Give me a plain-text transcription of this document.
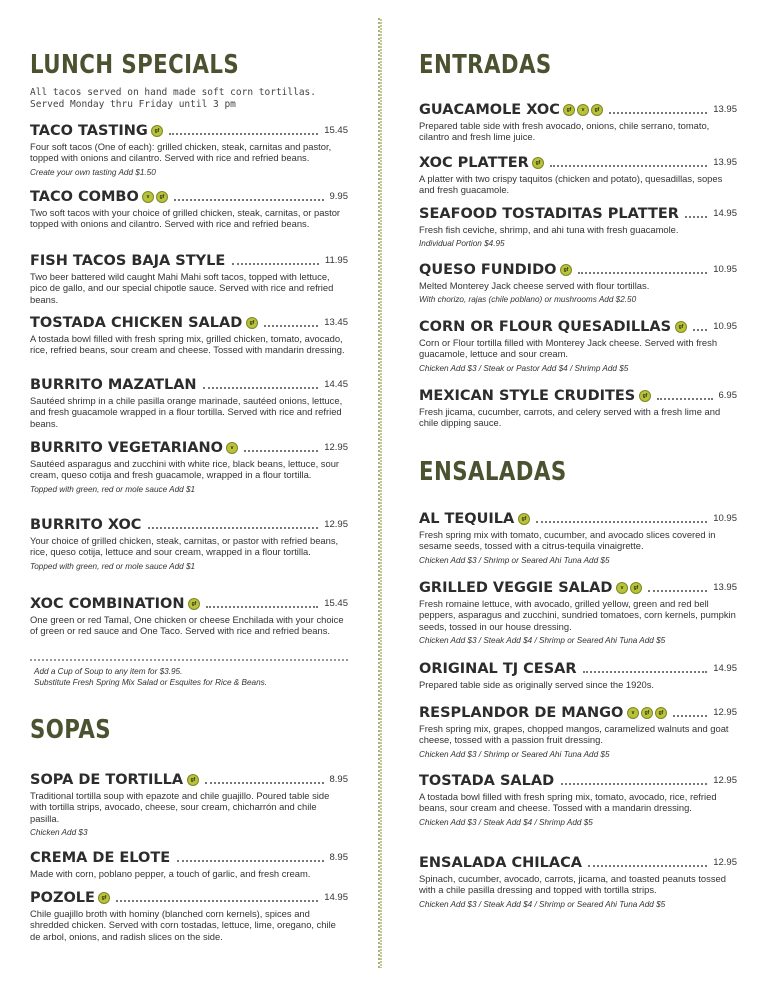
LUNCH SPECIALS

All tacos served on hand made soft corn tortillas.
Served Monday thru Friday until 3 pm

TACO TASTING	gf	15.45

Four soft tacos (One of each): grilled chicken, steak, carnitas and pastor, topped with onions and cilantro. Served with rice and refried beans.

Create your own tasting Add $1.50

TACO COMBO	v	gf	9.95

Two soft tacos with your choice of grilled chicken, steak, carnitas, or pastor topped with onions and cilantro. Served with rice and refried beans.

FISH TACOS BAJA STYLE	11.95

Two beer battered wild caught Mahi Mahi soft tacos, topped with lettuce, pico de gallo, and our special chipotle sauce. Served with rice and refried beans.

TOSTADA CHICKEN SALAD	gf	13.45

A tostada bowl filled with fresh spring mix, grilled chicken, tomato, avocado, rice, refried beans, sour cream and cheese. Tossed with mandarin dressing.

BURRITO MAZATLAN	14.45

Sautéed shrimp in a chile pasilla orange marinade, sautéed onions, lettuce, and fresh guacamole wrapped in a flour tortilla. Served with rice and refried beans.

BURRITO VEGETARIANO	v	12.95

Sautéed asparagus and zucchini with white rice, black beans, lettuce, sour cream, queso cotija and fresh guacamole, wrapped in a flour tortilla.

Topped with green, red or mole sauce Add $1

BURRITO XOC	12.95

Your choice of grilled chicken, steak, carnitas, or pastor with refried beans, rice, queso cotija, lettuce and sour cream, wrapped in a flour tortilla.

Topped with green, red or mole sauce Add $1

XOC COMBINATION	gf	15.45

One green or red Tamal, One chicken or cheese Enchilada with your choice of green or red sauce and One Taco. Served with rice and refried beans.

Add a Cup of Soup to any item for $3.95.
Substitute Fresh Spring Mix Salad or Esquites for Rice & Beans.

SOPAS
SOPA DE TORTILLA	gf	8.95

Traditional tortilla soup with epazote and chile guajillo. Poured table side with tortilla strips, avocado, cheese, sour cream, chicharrón and chile pasilla.

Chicken Add $3

CREMA DE ELOTE	8.95

Made with corn, poblano pepper, a touch of garlic, and fresh cream.

POZOLE	gf	14.95

Chile guajillo broth with hominy (blanched corn kernels), spices and shredded chicken. Served with corn tostadas, lettuce, lime, oregano, chile de arbol, onions, and radish slices on the side.

ENTRADAS
GUACAMOLE XOC	gf	v	gf	13.95

Prepared table side with fresh avocado, onions, chile serrano, tomato, cilantro and fresh lime juice.

XOC PLATTER	gf	13.95

A platter with two crispy taquitos (chicken and potato), quesadillas, sopes and fresh guacamole.

SEAFOOD TOSTADITAS PLATTER	14.95

Fresh fish ceviche, shrimp, and ahi tuna with fresh guacamole.

Individual Portion $4.95

QUESO FUNDIDO	gf	10.95

Melted Monterey Jack cheese served with flour tortillas.

With chorizo, rajas (chile poblano) or mushrooms Add $2.50

CORN OR FLOUR QUESADILLAS	gf	10.95

Corn or Flour tortilla filled with Monterey Jack cheese. Served with fresh guacamole, lettuce and sour cream.

Chicken Add $3 / Steak or Pastor Add $4 / Shrimp Add $5

MEXICAN STYLE CRUDITES	gf	6.95

Fresh jicama, cucumber, carrots, and celery served with a fresh lime and chile dipping sauce.

ENSALADAS
AL TEQUILA	gf	10.95

Fresh spring mix with tomato, cucumber, and avocado slices covered in sesame seeds, tossed with a citrus-tequila vinaigrette.

Chicken Add $3 / Shrimp or Seared Ahi Tuna Add $5

GRILLED VEGGIE SALAD	v	gf	13.95

Fresh romaine lettuce, with avocado, grilled yellow, green and red bell peppers, asparagus and zucchini, sundried tomatoes, corn kernels, pumpkin seeds, tossed in our house dressing.

Chicken Add $3 / Steak Add $4 / Shrimp or Seared Ahi Tuna Add $5

ORIGINAL TJ CESAR	14.95

Prepared table side as originally served since the 1920s.

RESPLANDOR DE MANGO	v	gf	gf	12.95

Fresh spring mix, grapes, chopped mangos, caramelized walnuts and goat cheese, tossed with a passion fruit dressing.

Chicken Add $3 / Shrimp or Seared Ahi Tuna Add $5

TOSTADA SALAD	12.95

A tostada bowl filled with fresh spring mix, tomato, avocado, rice, refried beans, sour cream and cheese. Tossed with a mandarin dressing.

Chicken Add $3 / Steak Add $4 / Shrimp Add $5

ENSALADA CHILACA	12.95

Spinach, cucumber, avocado, carrots, jicama, and toasted peanuts tossed with a chile pasilla dressing and topped with tortilla strips.

Chicken Add $3 / Steak Add $4 / Shrimp or Seared Ahi Tuna Add $5
